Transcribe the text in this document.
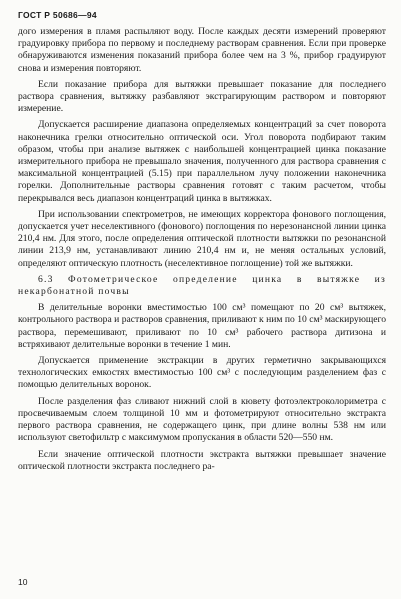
ГОСТ Р 50686—94

дого измерения в пламя распыляют воду. После каждых десяти измерений проверяют градуировку прибора по первому и последнему растворам сравнения. Если при проверке обнаруживаются изменения показаний прибора более чем на 3 %, прибор градуируют снова и измерения повторяют.

Если показание прибора для вытяжки превышает показание для последнего раствора сравнения, вытяжку разбавляют экстрагирующим раствором и повторяют измерение.

Допускается расширение диапазона определяемых концентраций за счет поворота наконечника грелки относительно оптической оси. Угол поворота подбирают таким образом, чтобы при анализе вытяжек с наибольшей концентрацией цинка показание измерительного прибора не превышало значения, полученного для раствора сравнения с максимальной концентрацией (5.15) при параллельном лучу положении наконечника горелки. Дополнительные растворы сравнения готовят с таким расчетом, чтобы перекрывался весь диапазон концентраций цинка в вытяжках.

При использовании спектрометров, не имеющих корректора фонового поглощения, допускается учет неселективного (фонового) поглощения по нерезонансной линии цинка 210,4 нм. Для этого, после определения оптической плотности вытяжки по резонансной линии 213,9 нм, устанавливают линию 210,4 нм и, не меняя остальных условий, определяют оптическую плотность (неселективное поглощение) той же вытяжки.

6.3 Фотометрическое определение цинка в вытяжке из некарбонатной почвы

В делительные воронки вместимостью 100 см³ помещают по 20 см³ вытяжек, контрольного раствора и растворов сравнения, приливают к ним по 10 см³ маскирующего раствора, перемешивают, приливают по 10 см³ рабочего раствора дитизона и встряхивают делительные воронки в течение 1 мин.

Допускается применение экстракции в других герметично закрывающихся технологических емкостях вместимостью 100 см³ с последующим разделением фаз с помощью делительных воронок.

После разделения фаз сливают нижний слой в кювету фотоэлектроколориметра с просвечиваемым слоем толщиной 10 мм и фотометрируют относительно экстракта первого раствора сравнения, не содержащего цинк, при длине волны 538 нм или используют светофильтр с максимумом пропускания в области 520—550 нм.

Если значение оптической плотности экстракта вытяжки превышает значение оптической плотности экстракта последнего ра-

10
